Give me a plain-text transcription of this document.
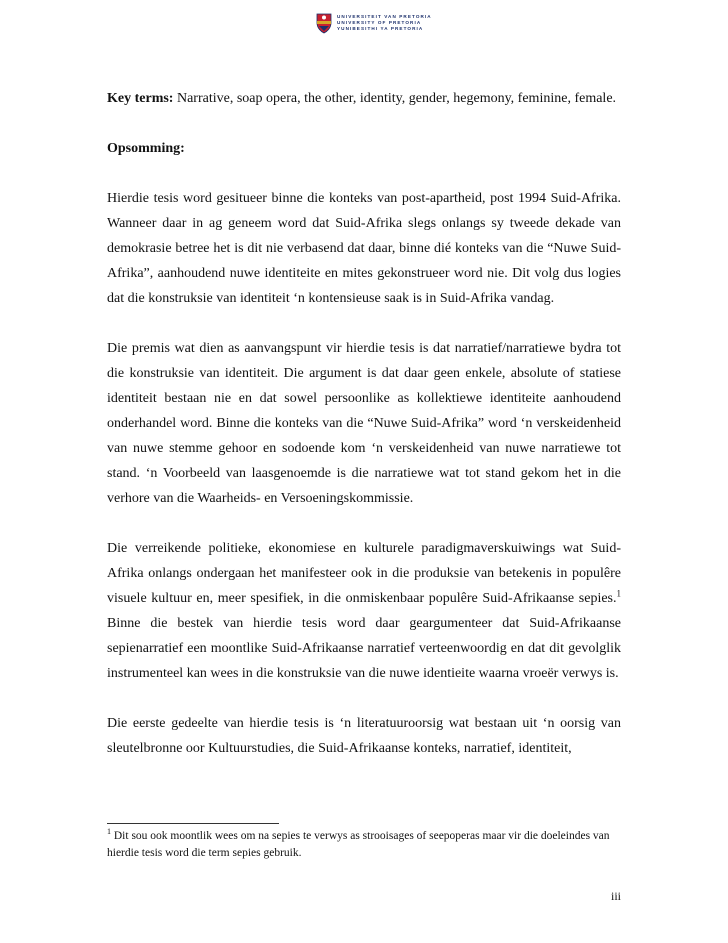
UNIVERSITEIT VAN PRETORIA
UNIVERSITY OF PRETORIA
YUNIBESITHI YA PRETORIA

Key terms: Narrative, soap opera, the other, identity, gender, hegemony, feminine, female.

Opsomming:

Hierdie tesis word gesitueer binne die konteks van post-apartheid, post 1994 Suid-Afrika. Wanneer daar in ag geneem word dat Suid-Afrika slegs onlangs sy tweede dekade van demokrasie betree het is dit nie verbasend dat daar, binne dié konteks van die “Nuwe Suid-Afrika”, aanhoudend nuwe identiteite en mites gekonstrueer word nie. Dit volg dus logies dat die konstruksie van identiteit ‘n kontensieuse saak is in Suid-Afrika vandag.

Die premis wat dien as aanvangspunt vir hierdie tesis is dat narratief/narratiewe bydra tot die konstruksie van identiteit. Die argument is dat daar geen enkele, absolute of statiese identiteit bestaan nie en dat sowel persoonlike as kollektiewe identiteite aanhoudend onderhandel word. Binne die konteks van die “Nuwe Suid-Afrika” word ‘n verskeidenheid van nuwe stemme gehoor en sodoende kom ‘n verskeidenheid van nuwe narratiewe tot stand. ‘n Voorbeeld van laasgenoemde is die narratiewe wat tot stand gekom het in die verhore van die Waarheids- en Versoeningskommissie.

Die verreikende politieke, ekonomiese en kulturele paradigmaverskuiwings wat Suid-Afrika onlangs ondergaan het manifesteer ook in die produksie van betekenis in populêre visuele kultuur en, meer spesifiek, in die onmiskenbaar populêre Suid-Afrikaanse sepies.$^1$ Binne die bestek van hierdie tesis word daar geargumenteer dat Suid-Afrikaanse sepienarratief een moontlike Suid-Afrikaanse narratief verteenwoordig en dat dit gevolglik instrumenteel kan wees in die konstruksie van die nuwe identieite waarna vroeër verwys is.

Die eerste gedeelte van hierdie tesis is ‘n literatuuroorsig wat bestaan uit ‘n oorsig van sleutelbronne oor Kultuurstudies, die Suid-Afrikaanse konteks, narratief, identiteit,

$^1$ Dit sou ook moontlik wees om na sepies te verwys as strooisages of seepoperas maar vir die doeleindes van hierdie tesis word die term sepies gebruik.
iii
